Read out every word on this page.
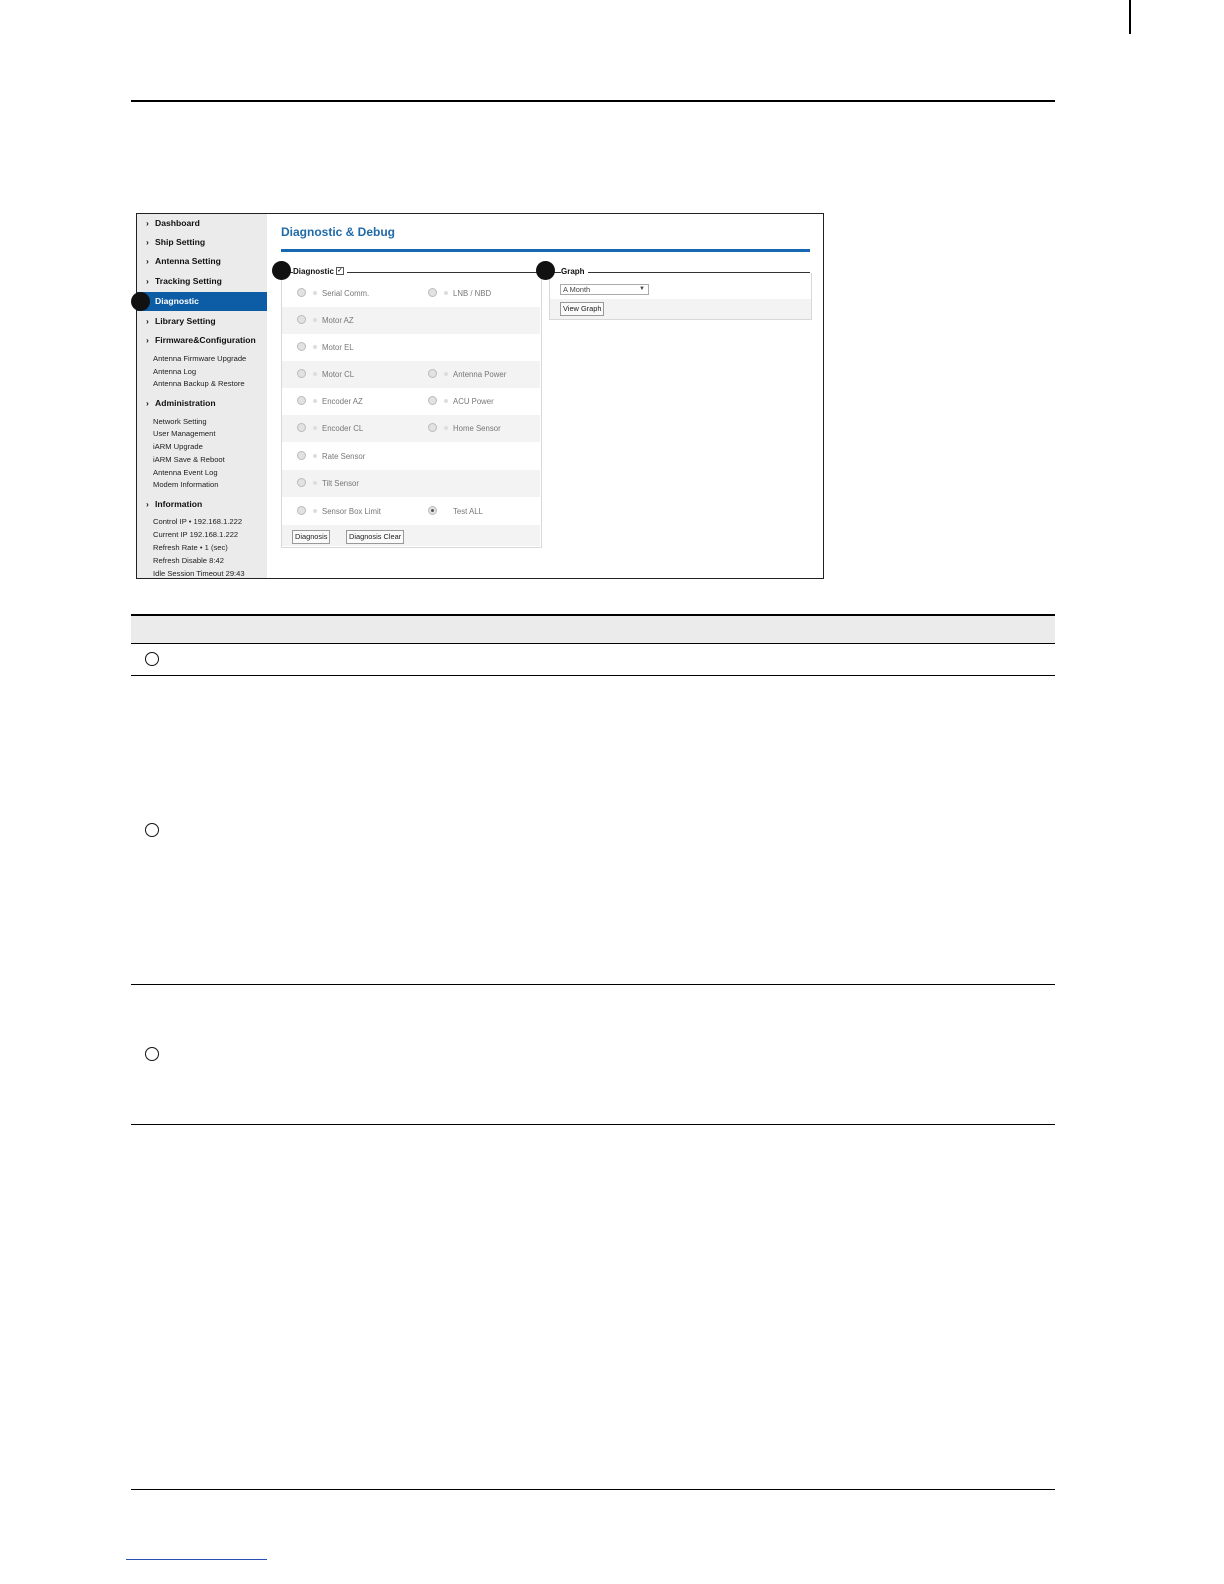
› Dashboard
› Ship Setting
› Antenna Setting
› Tracking Setting
Diagnostic
› Library Setting
› Firmware&Configuration
Antenna Firmware Upgrade
Antenna Log
Antenna Backup & Restore
› Administration
Network Setting
User Management
iARM Upgrade
iARM Save & Reboot
Antenna Event Log
Modem Information
› Information
Control IP • 192.168.1.222
Current IP 192.168.1.222
Refresh Rate • 1 (sec)
Refresh Disable 8:42
Idle Session Timeout 29:43
Diagnostic & Debug
Diagnostic ✓
Serial Comm.	LNB / NBD
Motor AZ
Motor EL
Motor CL	Antenna Power
Encoder AZ	ACU Power
Encoder CL	Home Sensor
Rate Sensor
Tilt Sensor
Sensor Box Limit	Test ALL
Diagnosis	Diagnosis Clear
Graph
A Month	▼
View Graph
